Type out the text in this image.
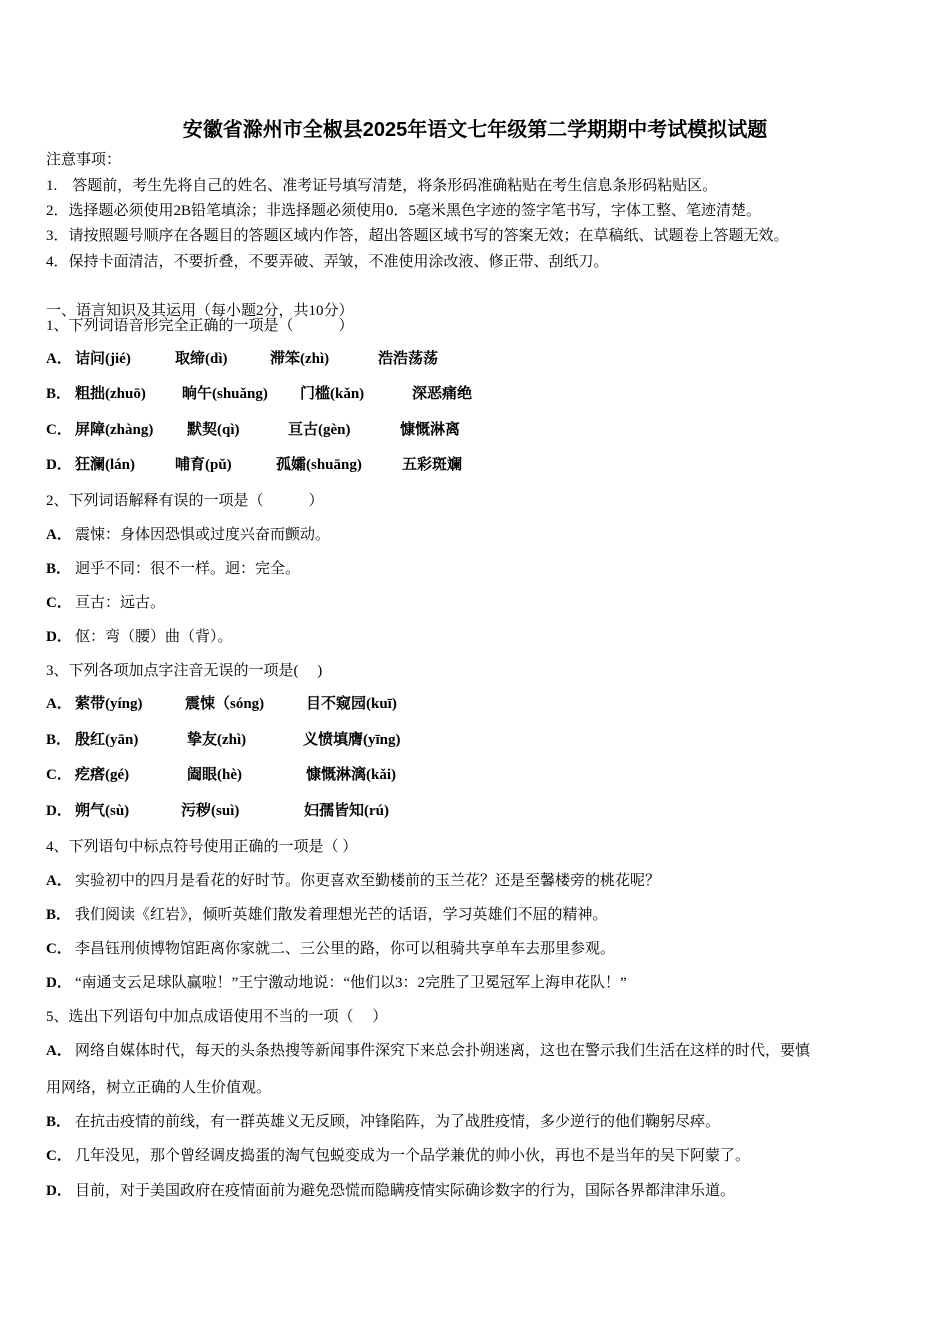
安徽省滁州市全椒县2025年语文七年级第二学期期中考试模拟试题
注意事项：
1.　答题前，考生先将自己的姓名、准考证号填写清楚，将条形码准确粘贴在考生信息条形码粘贴区。
2．选择题必须使用2B铅笔填涂；非选择题必须使用0．5毫米黑色字迹的签字笔书写，字体工整、笔迹清楚。
3．请按照题号顺序在各题目的答题区域内作答，超出答题区域书写的答案无效；在草稿纸、试题卷上答题无效。
4．保持卡面清洁，不要折叠，不要弄破、弄皱，不准使用涂改液、修正带、刮纸刀。
一、语言知识及其运用（每小题2分，共10分）
1、下列词语音形完全正确的一项是（　　　）
A． 诘问(jié)	取缔(dì)	滞笨(zhì)	浩浩荡荡
B． 粗拙(zhuō) 晌午(shuǎng) 门槛(kǎn)	深恶痛绝
C． 屏障(zhàng) 默契(qì)	亘古(gèn)	慷慨淋离
D． 狂澜(lán)	哺育(pǔ)	孤孀(shuāng)	五彩斑斓
2、下列词语解释有误的一项是（　　　）
A． 震悚：身体因恐惧或过度兴奋而颤动。
B． 迥乎不同：很不一样。迥：完全。
C． 亘古：远古。
D． 伛：弯（腰）曲（背）。
3、下列各项加点字注音无误的一项是(　 )
A． 萦带(yíng)	震悚（sóng)	目不窥园(kuī)
B． 殷红(yān)	挚友(zhì)	义愤填膺(yīng)
C． 疙瘩(gé)	阖眼(hè)	慷慨淋漓(kǎi)
D． 朔气(sù)	污秽(suì)	妇孺皆知(rú)
4、下列语句中标点符号使用正确的一项是（ ）
A． 实验初中的四月是看花的好时节。你更喜欢至勤楼前的玉兰花？还是至馨楼旁的桃花呢？
B． 我们阅读《红岩》，倾听英雄们散发着理想光芒的话语，学习英雄们不屈的精神。
C． 李昌钰刑侦博物馆距离你家就二、三公里的路，你可以租骑共享单车去那里参观。
D． “南通支云足球队赢啦！”王宁激动地说：“他们以3：2完胜了卫冕冠军上海申花队！”
5、选出下列语句中加点成语使用不当的一项（　 ）
A． 网络自媒体时代，每天的头条热搜等新闻事件深究下来总会扑朔迷离，这也在警示我们生活在这样的时代，要慎
用网络，树立正确的人生价值观。
B． 在抗击疫情的前线，有一群英雄义无反顾，冲锋陷阵，为了战胜疫情，多少逆行的他们鞠躬尽瘁。
C． 几年没见，那个曾经调皮捣蛋的淘气包蜕变成为一个品学兼优的帅小伙，再也不是当年的吴下阿蒙了。
D． 目前，对于美国政府在疫情面前为避免恐慌而隐瞒疫情实际确诊数字的行为，国际各界都津津乐道。
